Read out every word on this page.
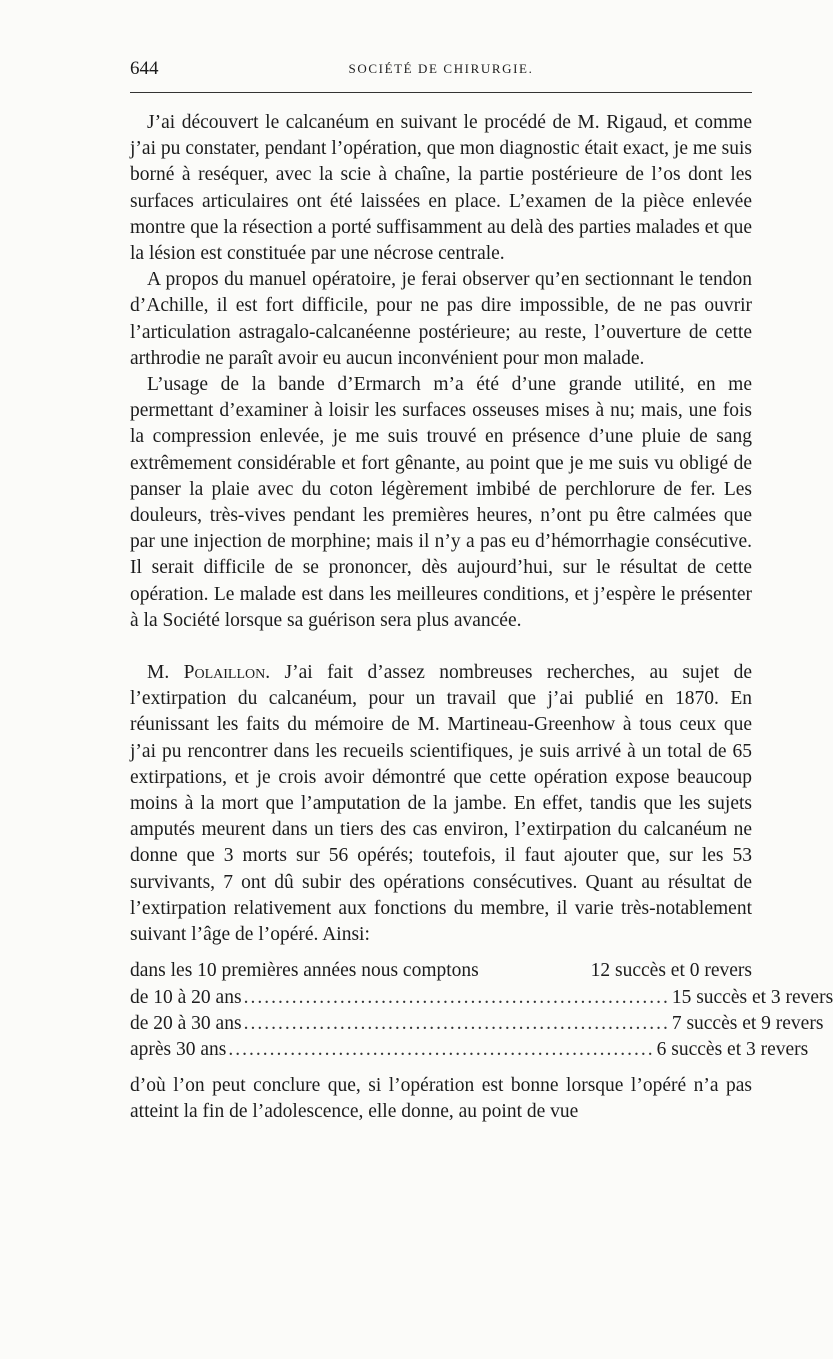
644	SOCIÉTÉ DE CHIRURGIE.

J’ai découvert le calcanéum en suivant le procédé de M. Rigaud, et comme j’ai pu constater, pendant l’opération, que mon diagnostic était exact, je me suis borné à reséquer, avec la scie à chaîne, la partie postérieure de l’os dont les surfaces articulaires ont été laissées en place. L’examen de la pièce enlevée montre que la résection a porté suffisamment au delà des parties malades et que la lésion est constituée par une nécrose centrale.

A propos du manuel opératoire, je ferai observer qu’en sectionnant le tendon d’Achille, il est fort difficile, pour ne pas dire impossible, de ne pas ouvrir l’articulation astragalo-calcanéenne postérieure; au reste, l’ouverture de cette arthrodie ne paraît avoir eu aucun inconvénient pour mon malade.

L’usage de la bande d’Ermarch m’a été d’une grande utilité, en me permettant d’examiner à loisir les surfaces osseuses mises à nu; mais, une fois la compression enlevée, je me suis trouvé en présence d’une pluie de sang extrêmement considérable et fort gênante, au point que je me suis vu obligé de panser la plaie avec du coton légèrement imbibé de perchlorure de fer. Les douleurs, très-vives pendant les premières heures, n’ont pu être calmées que par une injection de morphine; mais il n’y a pas eu d’hémorrhagie consécutive. Il serait difficile de se prononcer, dès aujourd’hui, sur le résultat de cette opération. Le malade est dans les meilleures conditions, et j’espère le présenter à la Société lorsque sa guérison sera plus avancée.

M. Polaillon. J’ai fait d’assez nombreuses recherches, au sujet de l’extirpation du calcanéum, pour un travail que j’ai publié en 1870. En réunissant les faits du mémoire de M. Martineau-Greenhow à tous ceux que j’ai pu rencontrer dans les recueils scientifiques, je suis arrivé à un total de 65 extirpations, et je crois avoir démontré que cette opération expose beaucoup moins à la mort que l’amputation de la jambe. En effet, tandis que les sujets amputés meurent dans un tiers des cas environ, l’extirpation du calcanéum ne donne que 3 morts sur 56 opérés; toutefois, il faut ajouter que, sur les 53 survivants, 7 ont dû subir des opérations consécutives. Quant au résultat de l’extirpation relativement aux fonctions du membre, il varie très-notablement suivant l’âge de l’opéré. Ainsi:

dans les 10 premières années nous comptons	12 succès et 0 revers
de 10 à 20 ans .............................................................. 15 succès et 3 revers
de 20 à 30 ans .............................................................. 7 succès et 9 revers
après 30 ans .............................................................. 6 succès et 3 revers

d’où l’on peut conclure que, si l’opération est bonne lorsque l’opéré n’a pas atteint la fin de l’adolescence, elle donne, au point de vue
